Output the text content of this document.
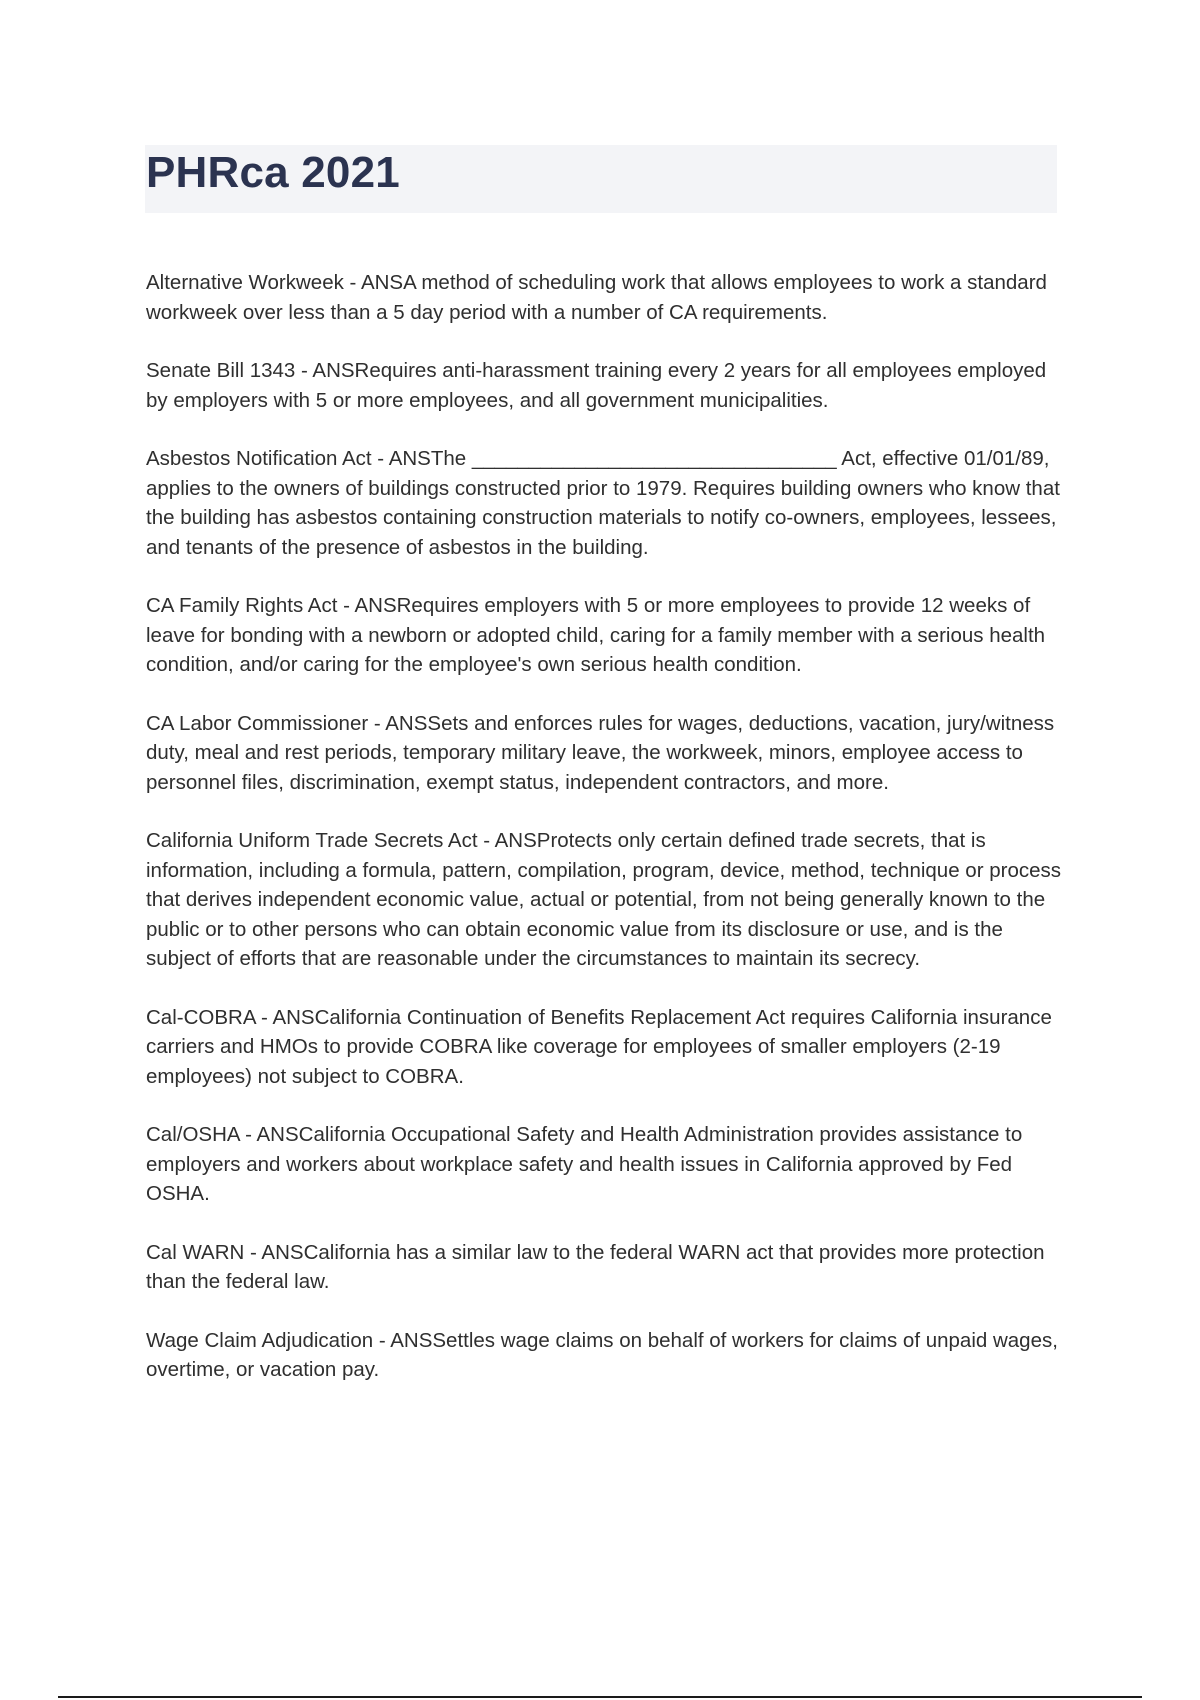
PHRca 2021

Alternative Workweek - ANSA method of scheduling work that allows employees to work a standard workweek over less than a 5 day period with a number of CA requirements.

Senate Bill 1343 - ANSRequires anti-harassment training every 2 years for all employees employed by employers with 5 or more employees, and all government municipalities.

Asbestos Notification Act - ANSThe ________________________________ Act, effective 01/01/89, applies to the owners of buildings constructed prior to 1979. Requires building owners who know that the building has asbestos containing construction materials to notify co-owners, employees, lessees, and tenants of the presence of asbestos in the building.

CA Family Rights Act - ANSRequires employers with 5 or more employees to provide 12 weeks of leave for bonding with a newborn or adopted child, caring for a family member with a serious health condition, and/or caring for the employee's own serious health condition.

CA Labor Commissioner - ANSSets and enforces rules for wages, deductions, vacation, jury/witness duty, meal and rest periods, temporary military leave, the workweek, minors, employee access to personnel files, discrimination, exempt status, independent contractors, and more.

California Uniform Trade Secrets Act - ANSProtects only certain defined trade secrets, that is information, including a formula, pattern, compilation, program, device, method, technique or process that derives independent economic value, actual or potential, from not being generally known to the public or to other persons who can obtain economic value from its disclosure or use, and is the subject of efforts that are reasonable under the circumstances to maintain its secrecy.

Cal-COBRA - ANSCalifornia Continuation of Benefits Replacement Act requires California insurance carriers and HMOs to provide COBRA like coverage for employees of smaller employers (2-19 employees) not subject to COBRA.

Cal/OSHA - ANSCalifornia Occupational Safety and Health Administration provides assistance to employers and workers about workplace safety and health issues in California approved by Fed OSHA.

Cal WARN - ANSCalifornia has a similar law to the federal WARN act that provides more protection than the federal law.

Wage Claim Adjudication - ANSSettles wage claims on behalf of workers for claims of unpaid wages, overtime, or vacation pay.
